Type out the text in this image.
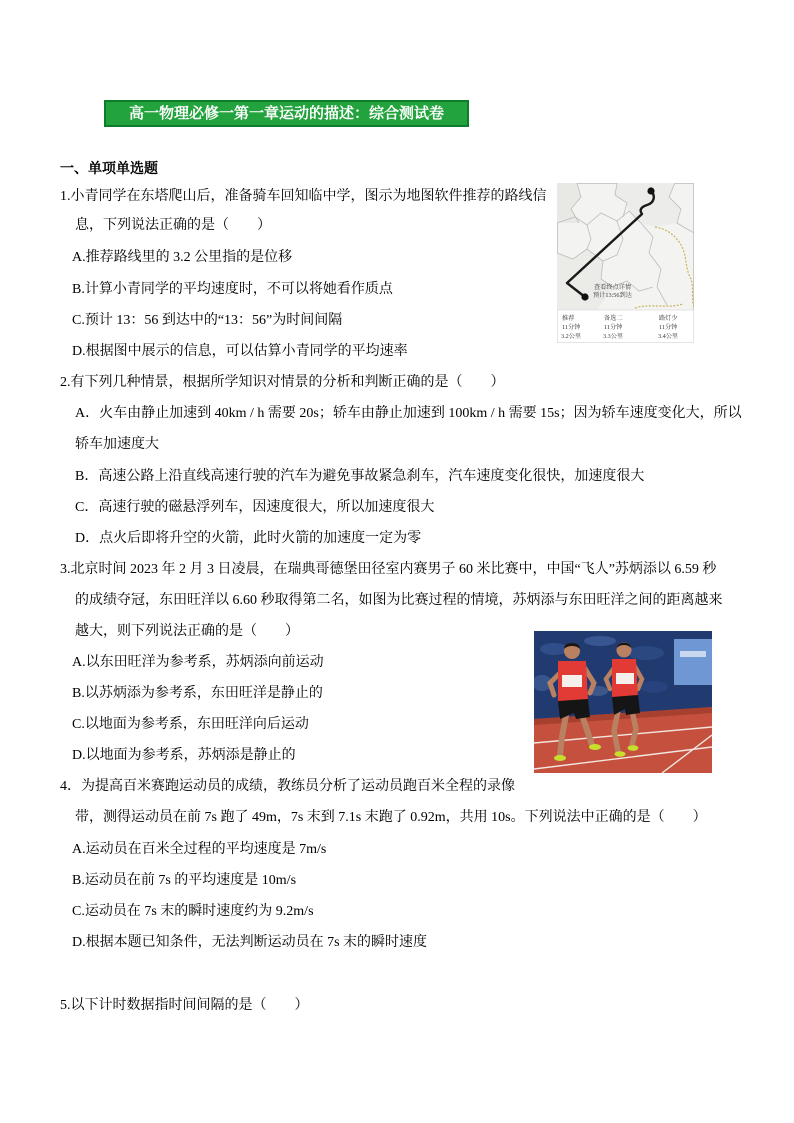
高一物理必修一第一章运动的描述：综合测试卷
一、单项单选题
1.小青同学在东塔爬山后，准备骑车回知临中学，图示为地图软件推荐的路线信
息，下列说法正确的是（　　）
A.推荐路线里的 3.2 公里指的是位移
B.计算小青同学的平均速度时，不可以将她看作质点
C.预计 13：56 到达中的“13：56”为时间间隔
D.根据图中展示的信息，可以估算小青同学的平均速率
查看终点详情
预计13:56到达
推荐
11分钟
3.2公里
备选二
11分钟
3.3公里
路灯少
11分钟
3.4公里
2.有下列几种情景，根据所学知识对情景的分析和判断正确的是（　　）
A．火车由静止加速到 40km / h 需要 20s；轿车由静止加速到 100km / h 需要 15s；因为轿车速度变化大，所以
轿车加速度大
B．高速公路上沿直线高速行驶的汽车为避免事故紧急刹车，汽车速度变化很快，加速度很大
C．高速行驶的磁悬浮列车，因速度很大，所以加速度很大
D．点火后即将升空的火箭，此时火箭的加速度一定为零
3.北京时间 2023 年 2 月 3 日凌晨，在瑞典哥德堡田径室内赛男子 60 米比赛中，中国“飞人”苏炳添以 6.59 秒
的成绩夺冠，东田旺洋以 6.60 秒取得第二名，如图为比赛过程的情境，苏炳添与东田旺洋之间的距离越来
越大，则下列说法正确的是（　　）
A.以东田旺洋为参考系，苏炳添向前运动
B.以苏炳添为参考系，东田旺洋是静止的
C.以地面为参考系，东田旺洋向后运动
D.以地面为参考系，苏炳添是静止的
4．为提高百米赛跑运动员的成绩，教练员分析了运动员跑百米全程的录像
带，测得运动员在前 7s 跑了 49m，7s 末到 7.1s 末跑了 0.92m，共用 10s。下列说法中正确的是（　　）
A.运动员在百米全过程的平均速度是 7m/s
B.运动员在前 7s 的平均速度是 10m/s
C.运动员在 7s 末的瞬时速度约为 9.2m/s
D.根据本题已知条件，无法判断运动员在 7s 末的瞬时速度
5.以下计时数据指时间间隔的是（　　）
